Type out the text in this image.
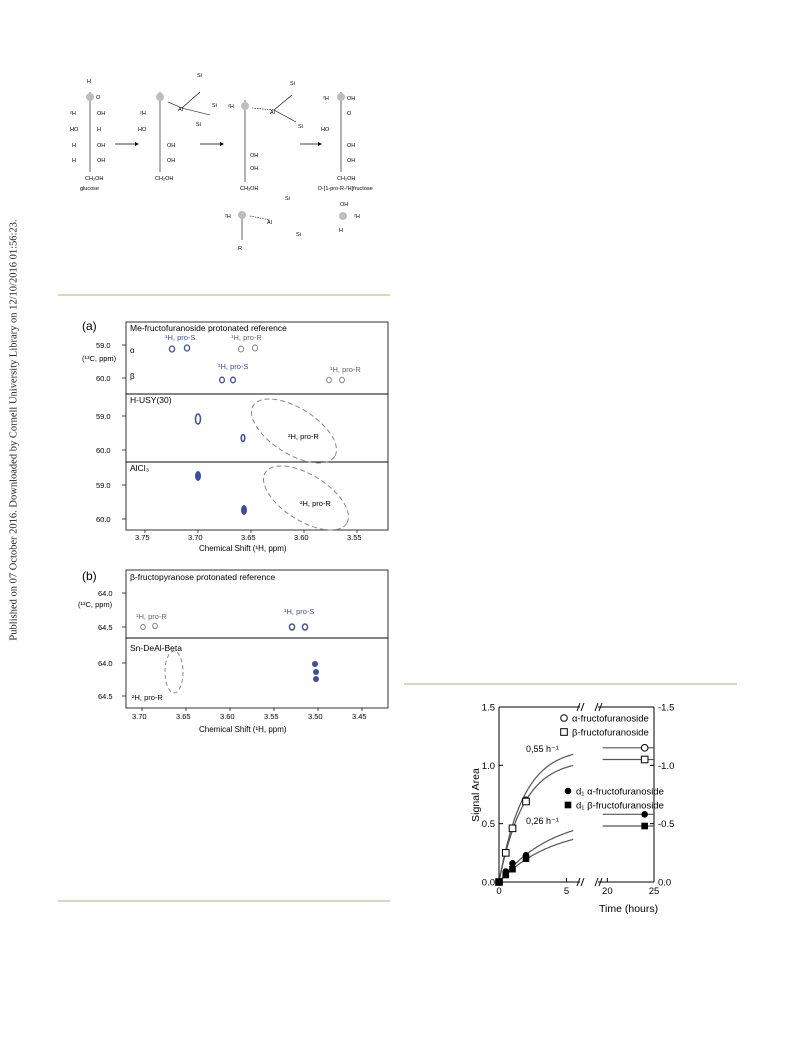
Published on 07 October 2016. Downloaded by Cornell University Library on 12/10/2016 01:56:23.
H
O
²H	OH
HO	H
H	OH
H	OH
CH₂OH
glucose
Al
Si
Si
Si
²H
HO
OH
OH
CH₂OH
Al
Si
Si
²H
OH
OH
CH₂OH
²H	OH
O
HO
OH
OH
CH₂OH
D-[1-pro-R-²H]fructose
Al
Si
Si
²H
R
OH
²H
H
(a)	Me-fructofuranoside protonated reference
H-USY(30)
AlCl₃
(¹³C, ppm)
α
β
59.0
60.0
59.0
60.0
59.0
60.0
3.75	3.70	3.65	3.60	3.55
Chemical Shift (¹H, ppm)
¹H, pro-S	¹H, pro-R
¹H, pro-S	¹H, pro-R
²H, pro-R
²H, pro-R
(b)	β-fructopyranose protonated reference
Sn-DeAl-Beta
(¹³C, ppm)
64.0
64.5
64.0
64.5
3.70	3.65	3.60	3.55	3.50	3.45
Chemical Shift (¹H, ppm)
¹H, pro-R
¹H, pro-S
²H, pro-R
0.0	0.0
0.5	-0.5
1.0	-1.0
1.5	-1.5
0	5	20	25
0,55 h⁻¹
0,26 h⁻¹
α-fructofuranoside
β-fructofuranoside
d₁ α-fructofuranoside
d₁ β-fructofuranoside
Time (hours)
Signal Area
